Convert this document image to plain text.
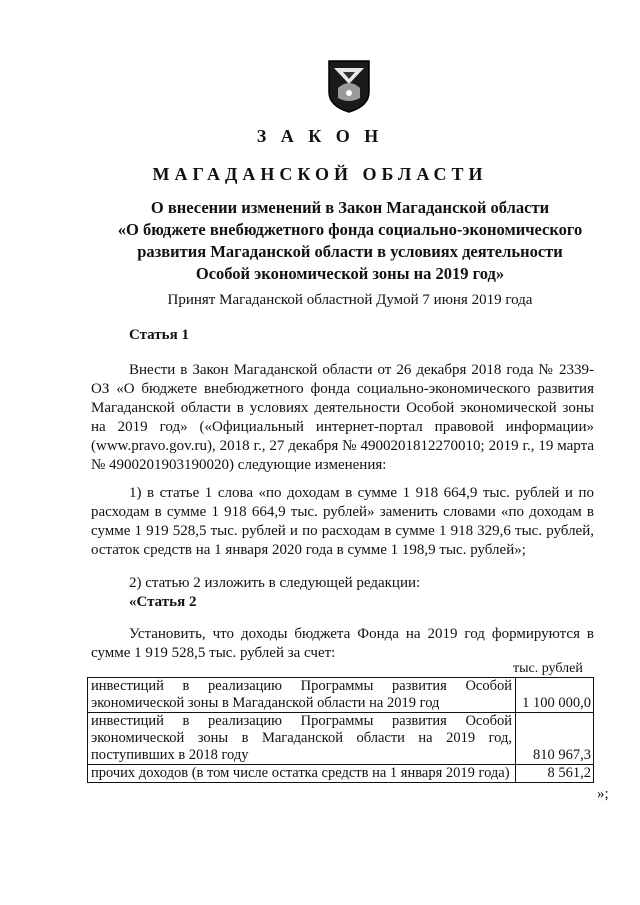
З А К О Н
МАГАДАНСКОЙ ОБЛАСТИ
О внесении изменений в Закон Магаданской области
«О бюджете внебюджетного фонда социально-экономического
развития Магаданской области в условиях деятельности
Особой экономической зоны на 2019 год»
Принят Магаданской областной Думой 7 июня 2019 года
Статья 1
Внести в Закон Магаданской области от 26 декабря 2018 года № 2339-ОЗ «О бюджете внебюджетного фонда социально-экономического развития Магаданской области в условиях деятельности Особой экономической зоны на 2019 год» («Официальный интернет-портал правовой информации» (www.pravo.gov.ru), 2018 г., 27 декабря № 4900201812270010; 2019 г., 19 марта № 4900201903190020) следующие изменения:
1) в статье 1 слова «по доходам в сумме 1 918 664,9 тыс. рублей и по расходам в сумме 1 918 664,9 тыс. рублей» заменить словами «по доходам в сумме 1 919 528,5 тыс. рублей и по расходам в сумме 1 918 329,6 тыс. рублей, остаток средств на 1 января 2020 года в сумме 1 198,9 тыс. рублей»;
2) статью 2 изложить в следующей редакции:
«Статья 2
Установить, что доходы бюджета Фонда на 2019 год формируются в сумме 1 919 528,5 тыс. рублей за счет:
тыс. рублей
инвестиций в реализацию Программы развития Особой экономической зоны в Магаданской области на 2019 год	1 100 000,0
инвестиций в реализацию Программы развития Особой экономической зоны в Магаданской области на 2019 год, поступивших в 2018 году	810 967,3
прочих доходов (в том числе остатка средств на 1 января 2019 года)	8 561,2
»;
